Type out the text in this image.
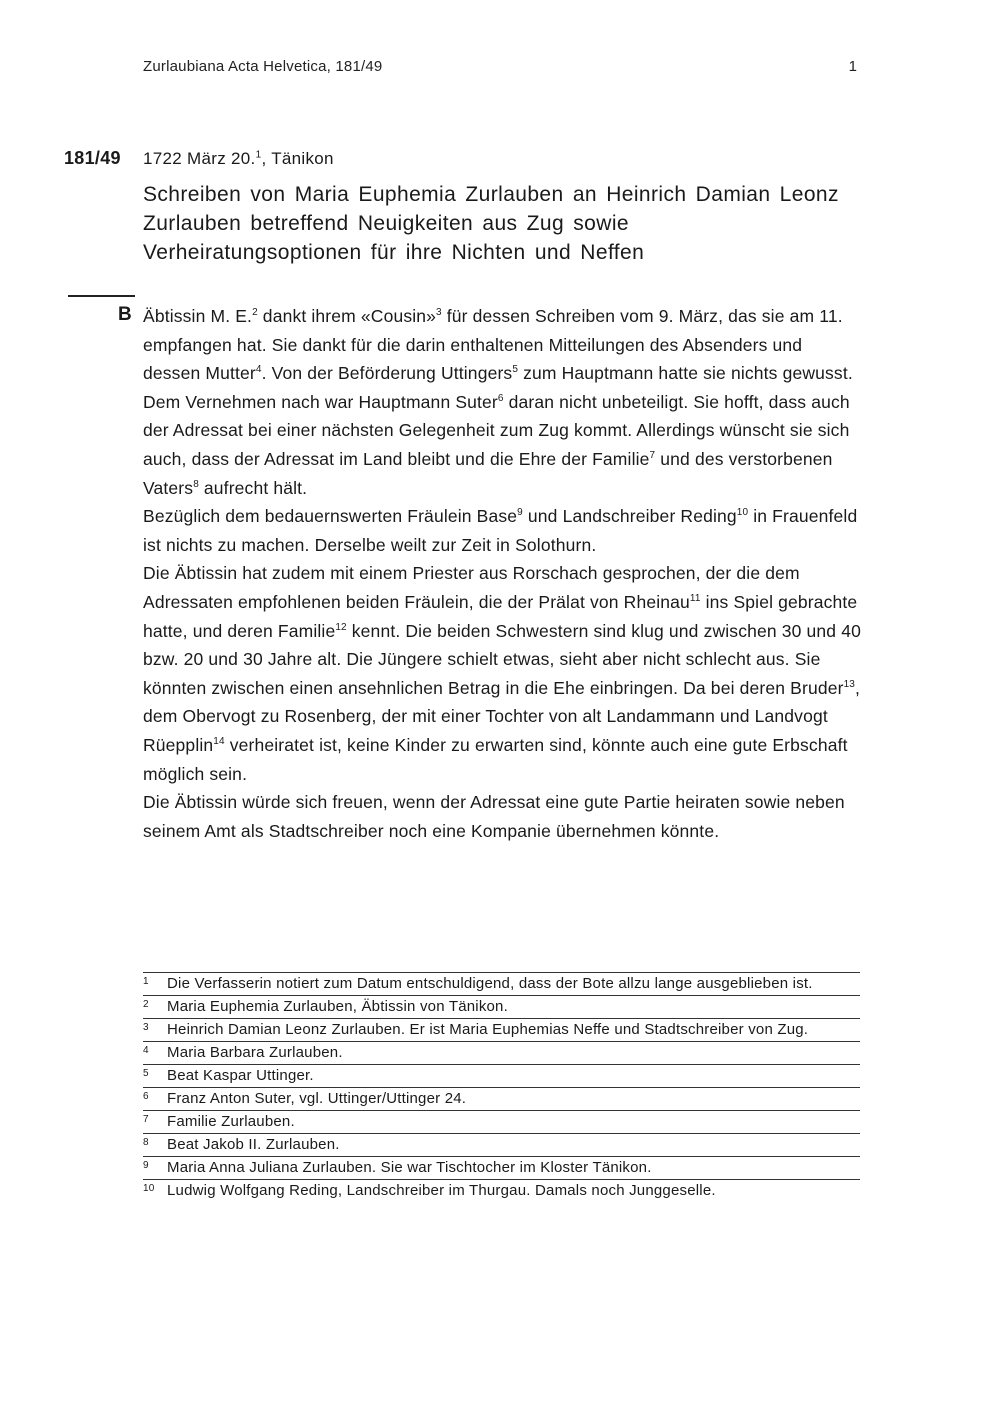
Zurlaubiana Acta Helvetica, 181/49	1
181/49 1722 März 20.$^1$, Tänikon
Schreiben von Maria Euphemia Zurlauben an Heinrich Damian Leonz Zurlauben betreffend Neuigkeiten aus Zug sowie Verheiratungsoptionen für ihre Nichten und Neffen
B Äbtissin M. E.$^2$ dankt ihrem «Cousin»$^3$ für dessen Schreiben vom 9. März, das sie am 11. empfangen hat. Sie dankt für die darin enthaltenen Mitteilungen des Absenders und dessen Mutter$^4$. Von der Beförderung Uttingers$^5$ zum Hauptmann hatte sie nichts gewusst. Dem Vernehmen nach war Hauptmann Suter$^6$ daran nicht unbeteiligt. Sie hofft, dass auch der Adressat bei einer nächsten Gelegenheit zum Zug kommt. Allerdings wünscht sie sich auch, dass der Adressat im Land bleibt und die Ehre der Familie$^7$ und des verstorbenen Vaters$^8$ aufrecht hält.

Bezüglich dem bedauernswerten Fräulein Base$^9$ und Landschreiber Reding$^{10}$ in Frauenfeld ist nichts zu machen. Derselbe weilt zur Zeit in Solothurn.

Die Äbtissin hat zudem mit einem Priester aus Rorschach gesprochen, der die dem Adressaten empfohlenen beiden Fräulein, die der Prälat von Rheinau$^{11}$ ins Spiel gebrachte hatte, und deren Familie$^{12}$ kennt. Die beiden Schwestern sind klug und zwischen 30 und 40 bzw. 20 und 30 Jahre alt. Die Jüngere schielt etwas, sieht aber nicht schlecht aus. Sie könnten zwischen einen ansehnlichen Betrag in die Ehe einbringen. Da bei deren Bruder$^{13}$, dem Obervogt zu Rosenberg, der mit einer Tochter von alt Landammann und Landvogt Rüepplin$^{14}$ verheiratet ist, keine Kinder zu erwarten sind, könnte auch eine gute Erbschaft möglich sein.

Die Äbtissin würde sich freuen, wenn der Adressat eine gute Partie heiraten sowie neben seinem Amt als Stadtschreiber noch eine Kompanie übernehmen könnte.

1 Die Verfasserin notiert zum Datum entschuldigend, dass der Bote allzu lange ausgeblieben ist.
2 Maria Euphemia Zurlauben, Äbtissin von Tänikon.
3 Heinrich Damian Leonz Zurlauben. Er ist Maria Euphemias Neffe und Stadtschreiber von Zug.
4 Maria Barbara Zurlauben.
5 Beat Kaspar Uttinger.
6 Franz Anton Suter, vgl. Uttinger/Uttinger 24.
7 Familie Zurlauben.
8 Beat Jakob II. Zurlauben.
9 Maria Anna Juliana Zurlauben. Sie war Tischtocher im Kloster Tänikon.
10 Ludwig Wolfgang Reding, Landschreiber im Thurgau. Damals noch Junggeselle.
